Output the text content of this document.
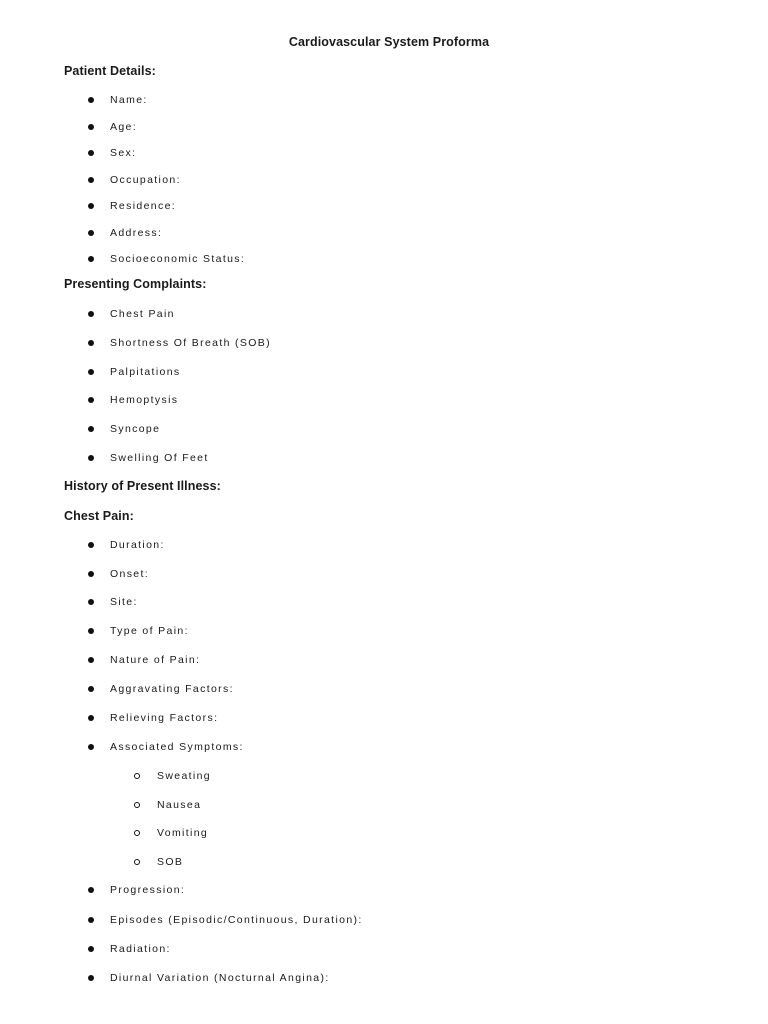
Cardiovascular System Proforma
Patient Details:
Name:
Age:
Sex:
Occupation:
Residence:
Address:
Socioeconomic Status:
Presenting Complaints:
Chest Pain
Shortness Of Breath (SOB)
Palpitations
Hemoptysis
Syncope
Swelling Of Feet
History of Present Illness:
Chest Pain:
Duration:
Onset:
Site:
Type of Pain:
Nature of Pain:
Aggravating Factors:
Relieving Factors:
Associated Symptoms:
Sweating
Nausea
Vomiting
SOB
Progression:
Episodes (Episodic/Continuous, Duration):
Radiation:
Diurnal Variation (Nocturnal Angina):
